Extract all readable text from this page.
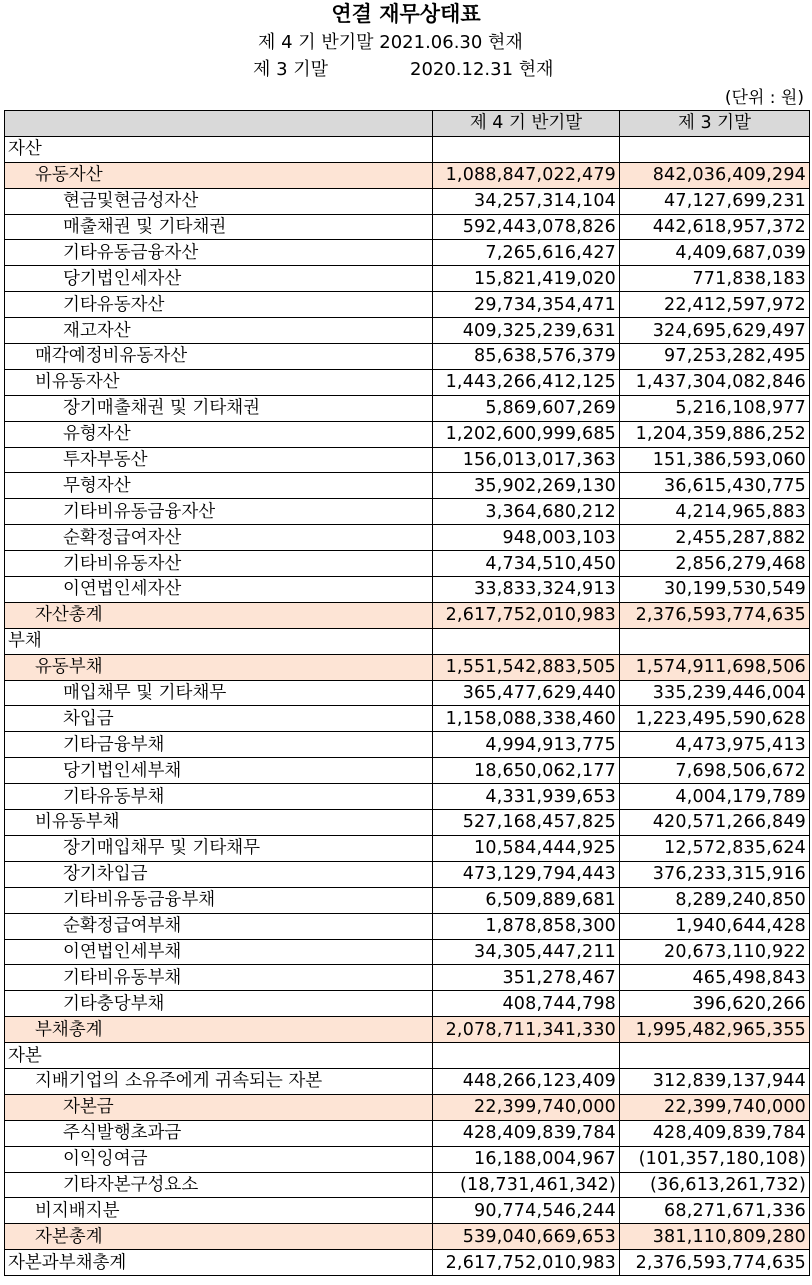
연결 재무상태표
제 4 기 반기말 2021.06.30 현재
제 3 기말	2020.12.31 현재
(단위 : 원)
	제 4 기 반기말	제 3 기말
자산		
유동자산	1,088,847,022,479	842,036,409,294
현금및현금성자산	34,257,314,104	47,127,699,231
매출채권 및 기타채권	592,443,078,826	442,618,957,372
기타유동금융자산	7,265,616,427	4,409,687,039
당기법인세자산	15,821,419,020	771,838,183
기타유동자산	29,734,354,471	22,412,597,972
재고자산	409,325,239,631	324,695,629,497
매각예정비유동자산	85,638,576,379	97,253,282,495
비유동자산	1,443,266,412,125	1,437,304,082,846
장기매출채권 및 기타채권	5,869,607,269	5,216,108,977
유형자산	1,202,600,999,685	1,204,359,886,252
투자부동산	156,013,017,363	151,386,593,060
무형자산	35,902,269,130	36,615,430,775
기타비유동금융자산	3,364,680,212	4,214,965,883
순확정급여자산	948,003,103	2,455,287,882
기타비유동자산	4,734,510,450	2,856,279,468
이연법인세자산	33,833,324,913	30,199,530,549
자산총계	2,617,752,010,983	2,376,593,774,635
부채		
유동부채	1,551,542,883,505	1,574,911,698,506
매입채무 및 기타채무	365,477,629,440	335,239,446,004
차입금	1,158,088,338,460	1,223,495,590,628
기타금융부채	4,994,913,775	4,473,975,413
당기법인세부채	18,650,062,177	7,698,506,672
기타유동부채	4,331,939,653	4,004,179,789
비유동부채	527,168,457,825	420,571,266,849
장기매입채무 및 기타채무	10,584,444,925	12,572,835,624
장기차입금	473,129,794,443	376,233,315,916
기타비유동금융부채	6,509,889,681	8,289,240,850
순확정급여부채	1,878,858,300	1,940,644,428
이연법인세부채	34,305,447,211	20,673,110,922
기타비유동부채	351,278,467	465,498,843
기타충당부채	408,744,798	396,620,266
부채총계	2,078,711,341,330	1,995,482,965,355
자본		
지배기업의 소유주에게 귀속되는 자본	448,266,123,409	312,839,137,944
자본금	22,399,740,000	22,399,740,000
주식발행초과금	428,409,839,784	428,409,839,784
이익잉여금	16,188,004,967	(101,357,180,108)
기타자본구성요소	(18,731,461,342)	(36,613,261,732)
비지배지분	90,774,546,244	68,271,671,336
자본총계	539,040,669,653	381,110,809,280
자본과부채총계	2,617,752,010,983	2,376,593,774,635
